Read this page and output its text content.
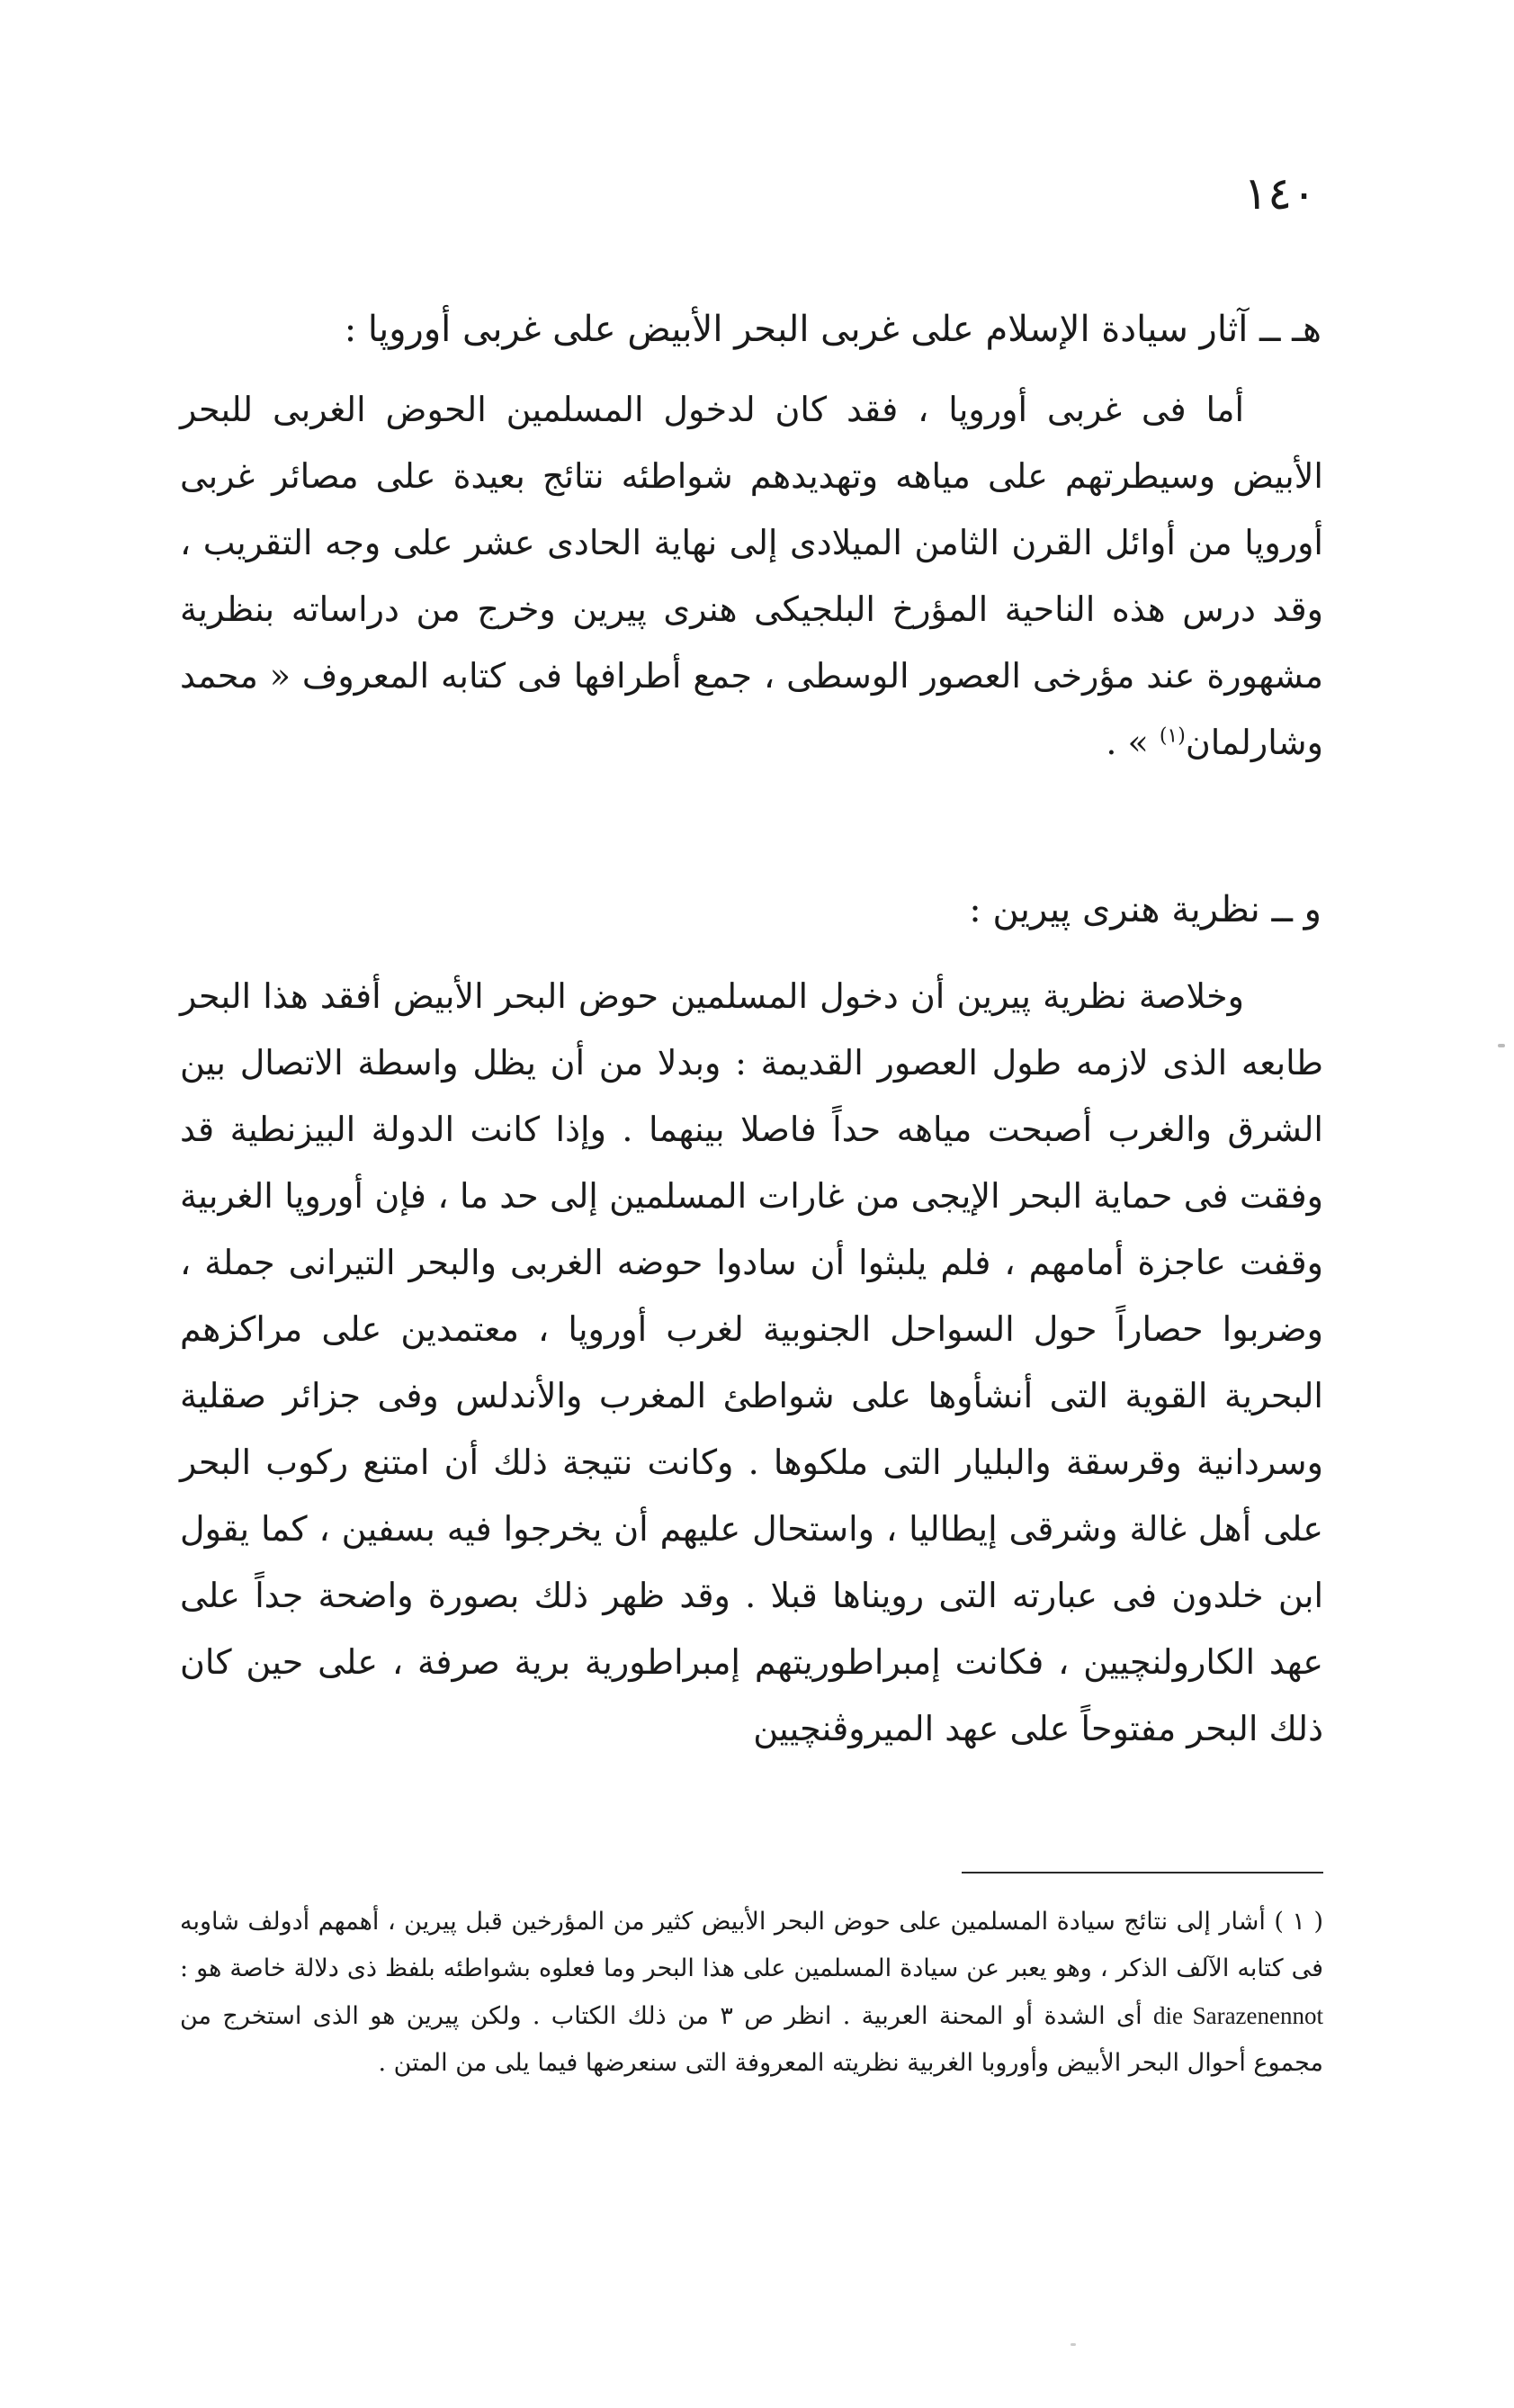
١٤٠
هـ ــ آثار سيادة الإسلام على غربى البحر الأبيض على غربى أوروپا :

أما فى غربى أوروپا ، فقد كان لدخول المسلمين الحوض الغربى للبحر الأبيض وسيطرتهم على مياهه وتهديدهم شواطئه نتائج بعيدة على مصائر غربى أوروپا من أوائل القرن الثامن الميلادى إلى نهاية الحادى عشر على وجه التقريب ، وقد درس هذه الناحية المؤرخ البلجيكى هنرى پيرين وخرج من دراساته بنظرية مشهورة عند مؤرخى العصور الوسطى ، جمع أطرافها فى كتابه المعروف « محمد وشارلمان$^{(١)}$ » .

و ــ نظرية هنرى پيرين :

وخلاصة نظرية پيرين أن دخول المسلمين حوض البحر الأبيض أفقد هذا البحر طابعه الذى لازمه طول العصور القديمة : وبدلا من أن يظل واسطة الاتصال بين الشرق والغرب أصبحت مياهه حداً فاصلا بينهما . وإذا كانت الدولة البيزنطية قد وفقت فى حماية البحر الإيجى من غارات المسلمين إلى حد ما ، فإن أوروپا الغربية وقفت عاجزة أمامهم ، فلم يلبثوا أن سادوا حوضه الغربى والبحر التيرانى جملة ، وضربوا حصاراً حول السواحل الجنوبية لغرب أوروپا ، معتمدين على مراكزهم البحرية القوية التى أنشأوها على شواطئ المغرب والأندلس وفى جزائر صقلية وسردانية وقرسقة والبليار التى ملكوها . وكانت نتيجة ذلك أن امتنع ركوب البحر على أهل غالة وشرقى إيطاليا ، واستحال عليهم أن يخرجوا فيه بسفين ، كما يقول ابن خلدون فى عبارته التى رويناها قبلا . وقد ظهر ذلك بصورة واضحة جداً على عهد الكارولنچيين ، فكانت إمبراطوريتهم إمبراطورية برية صرفة ، على حين كان ذلك البحر مفتوحاً على عهد الميروڤنچيين

( ١ ) أشار إلى نتائج سيادة المسلمين على حوض البحر الأبيض كثير من المؤرخين قبل پيرين ، أهمهم أدولف شاوبه فى كتابه الآلف الذكر ، وهو يعبر عن سيادة المسلمين على هذا البحر وما فعلوه بشواطئه بلفظ ذى دلالة خاصة هو : die Sarazenennot أى الشدة أو المحنة العربية . انظر ص ٣ من ذلك الكتاب . ولكن پيرين هو الذى استخرج من مجموع أحوال البحر الأبيض وأوروبا الغربية نظريته المعروفة التى سنعرضها فيما يلى من المتن .
